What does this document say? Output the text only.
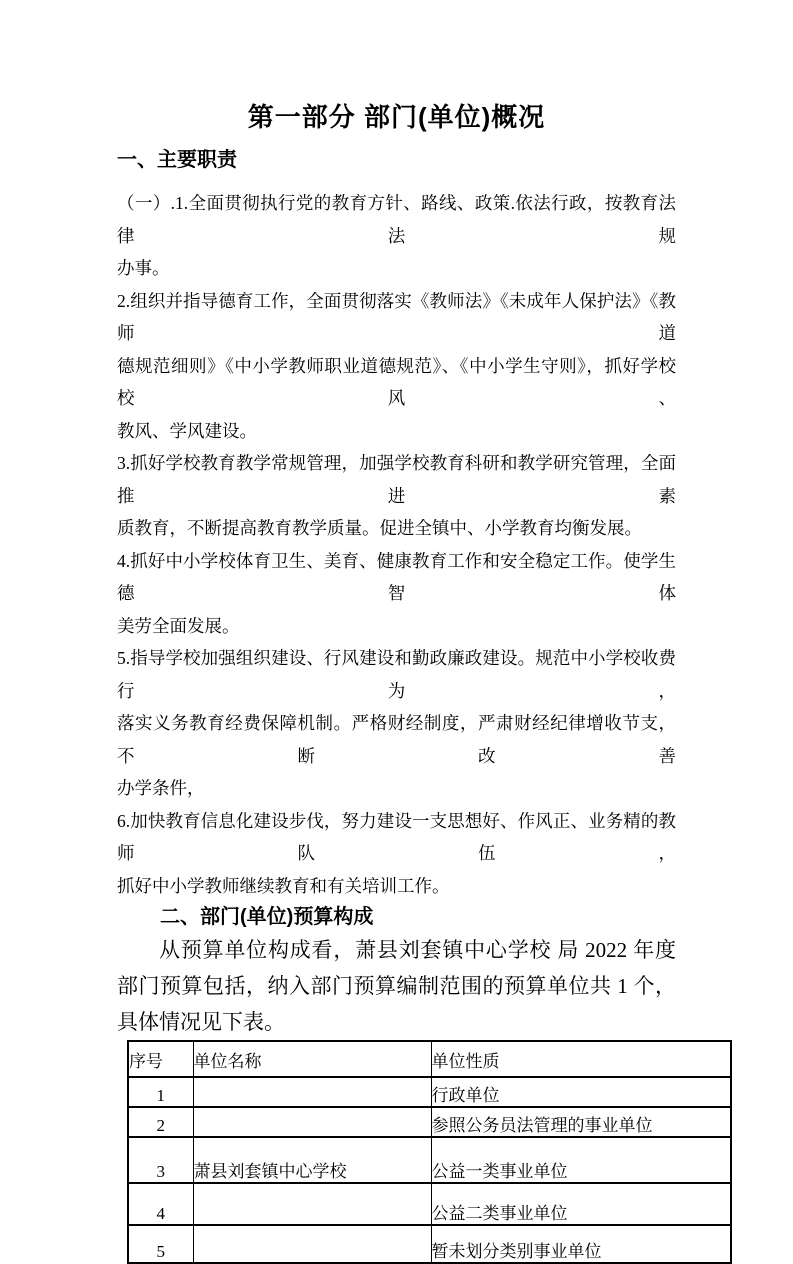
第一部分 部门(单位)概况
一、主要职责
（一）.1.全面贯彻执行党的教育方针、路线、政策.依法行政，按教育法律法规
办事。
2.组织并指导德育工作，全面贯彻落实《教师法》《未成年人保护法》《教师道
德规范细则》《中小学教师职业道德规范》、《中小学生守则》，抓好学校校风、
教风、学风建设。
3.抓好学校教育教学常规管理，加强学校教育科研和教学研究管理，全面推进素
质教育，不断提高教育教学质量。促进全镇中、小学教育均衡发展。
4.抓好中小学校体育卫生、美育、健康教育工作和安全稳定工作。使学生德智体
美劳全面发展。
5.指导学校加强组织建设、行风建设和勤政廉政建设。规范中小学校收费行为，
落实义务教育经费保障机制。严格财经制度，严肃财经纪律增收节支，不断改善
办学条件，
6.加快教育信息化建设步伐，努力建设一支思想好、作风正、业务精的教师队伍，
抓好中小学教师继续教育和有关培训工作。
二、部门(单位)预算构成
从预算单位构成看，萧县刘套镇中心学校 局 2022 年度
部门预算包括，纳入部门预算编制范围的预算单位共 1 个，
具体情况见下表。
序号	单位名称	单位性质
1		行政单位
2		参照公务员法管理的事业单位
3	萧县刘套镇中心学校	公益一类事业单位
4		公益二类事业单位
5		暂未划分类别事业单位
